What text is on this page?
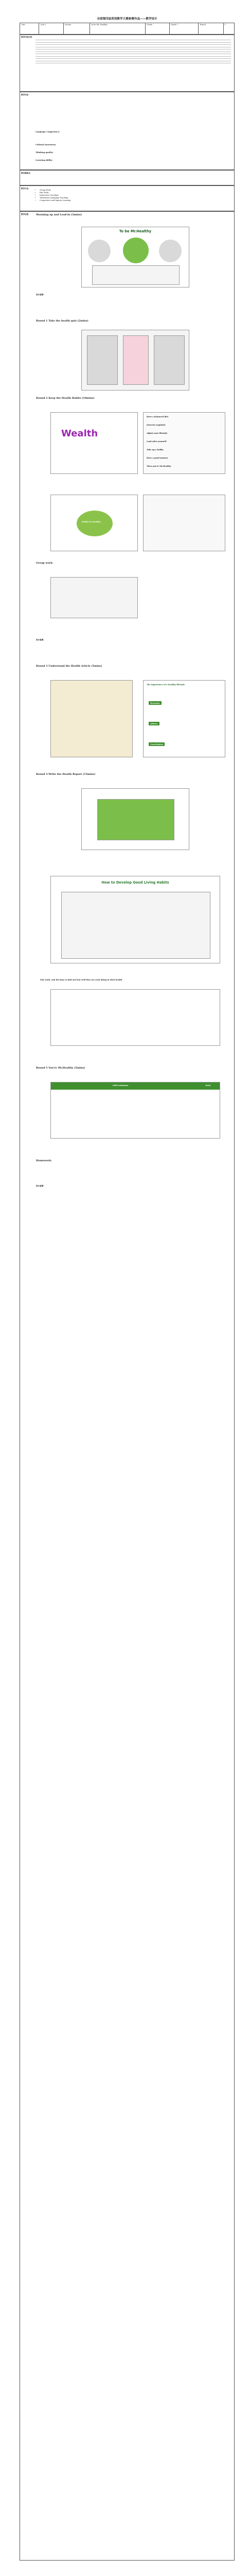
全国第四届英语教学大赛参赛作品——教学设计
Unit	Unit 2	Lesson	To be Mr. Healthy	Grade	Grade 7	Period	1
教学内容分析
教学目标
Language Competence:
Cultural awareness:
Thinking quality:
Learning ability:
教学重难点
教学方法
• Group Work
• Pair Work
• Interactive Teaching
• Task-based Language Teaching
• Cooperative and Inquiry Learning
教学过程	Warming up and Lead-in (3mins)
To be Mr.Healthy
设计意图：
Round 1 Take the health quiz (2mins)
Round 2 Keep the Health Habits (10mins)
Wealth
Have a balanced diet
Exercise regularly
Adjust your lifestyle
Look after yourself
Take up a hobby
Have a good manner
Then you're Mr.Healthy
Habits for healthy
Group work:
设计意图：
Round 3 Understand the Health Article (5mins)
The importance of a healthy lifestyle
Reasons
Advice
Conclusion
Round 4 Write the Health Report (15mins)
How to Develop Good Living Habits
Pair work: Ask the boys to find out how well they are each doing in their health
Round 5 You're Mr.Healthy (5mins)
Self-evaluation	Total
Homework:
设计意图：
